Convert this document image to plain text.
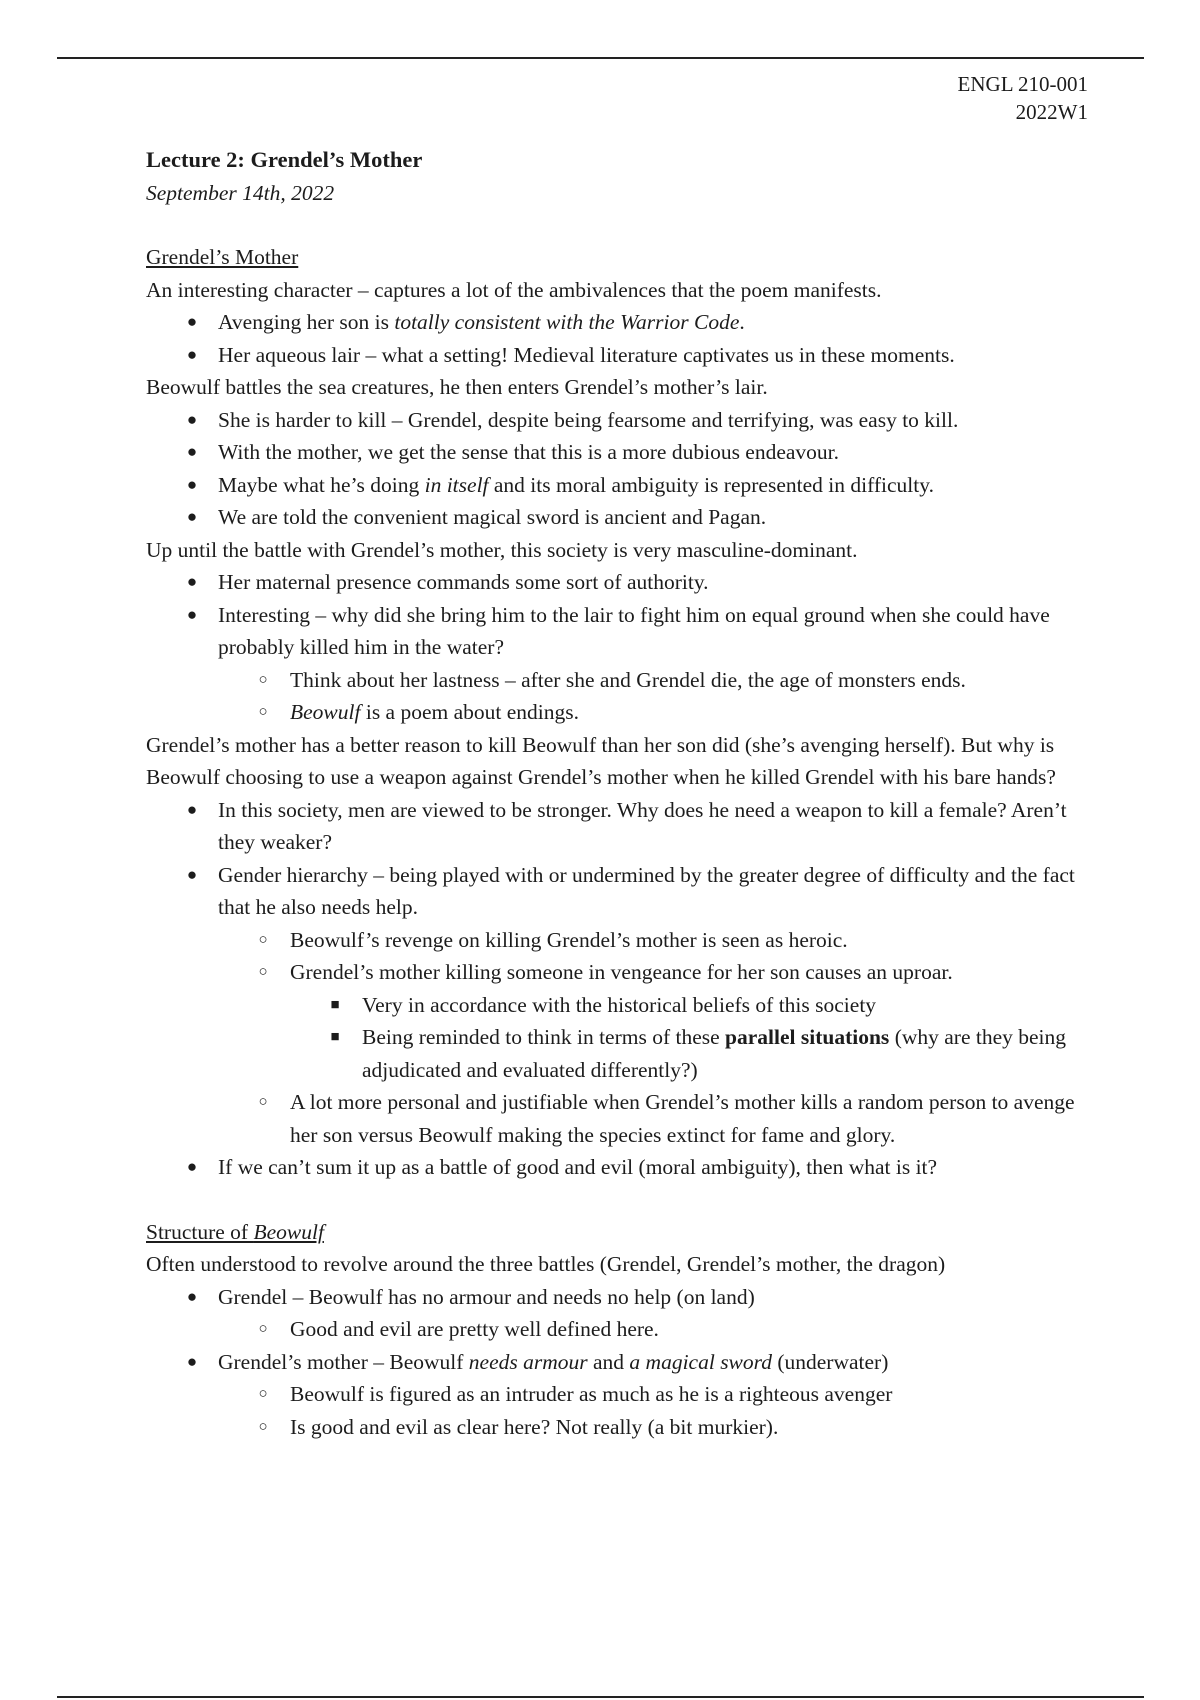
ENGL 210-001
2022W1
Lecture 2: Grendel’s Mother
September 14th, 2022
Grendel’s Mother

An interesting character – captures a lot of the ambivalences that the poem manifests.

● Avenging her son is totally consistent with the Warrior Code.
● Her aqueous lair – what a setting! Medieval literature captivates us in these moments.

Beowulf battles the sea creatures, he then enters Grendel’s mother’s lair.

● She is harder to kill – Grendel, despite being fearsome and terrifying, was easy to kill.
● With the mother, we get the sense that this is a more dubious endeavour.
● Maybe what he’s doing in itself and its moral ambiguity is represented in difficulty.
● We are told the convenient magical sword is ancient and Pagan.

Up until the battle with Grendel’s mother, this society is very masculine-dominant.

● Her maternal presence commands some sort of authority.
● Interesting – why did she bring him to the lair to fight him on equal ground when she could have probably killed him in the water?
○ Think about her lastness – after she and Grendel die, the age of monsters ends.
○ Beowulf is a poem about endings.

Grendel’s mother has a better reason to kill Beowulf than her son did (she’s avenging herself). But why is Beowulf choosing to use a weapon against Grendel’s mother when he killed Grendel with his bare hands?

● In this society, men are viewed to be stronger. Why does he need a weapon to kill a female? Aren’t they weaker?
● Gender hierarchy – being played with or undermined by the greater degree of difficulty and the fact that he also needs help.
○ Beowulf’s revenge on killing Grendel’s mother is seen as heroic.
○ Grendel’s mother killing someone in vengeance for her son causes an uproar.
■ Very in accordance with the historical beliefs of this society
■ Being reminded to think in terms of these parallel situations (why are they being adjudicated and evaluated differently?)
○ A lot more personal and justifiable when Grendel’s mother kills a random person to avenge her son versus Beowulf making the species extinct for fame and glory.
● If we can’t sum it up as a battle of good and evil (moral ambiguity), then what is it?
Structure of Beowulf

Often understood to revolve around the three battles (Grendel, Grendel’s mother, the dragon)

● Grendel – Beowulf has no armour and needs no help (on land)
○ Good and evil are pretty well defined here.
● Grendel’s mother – Beowulf needs armour and a magical sword (underwater)
○ Beowulf is figured as an intruder as much as he is a righteous avenger
○ Is good and evil as clear here? Not really (a bit murkier).
